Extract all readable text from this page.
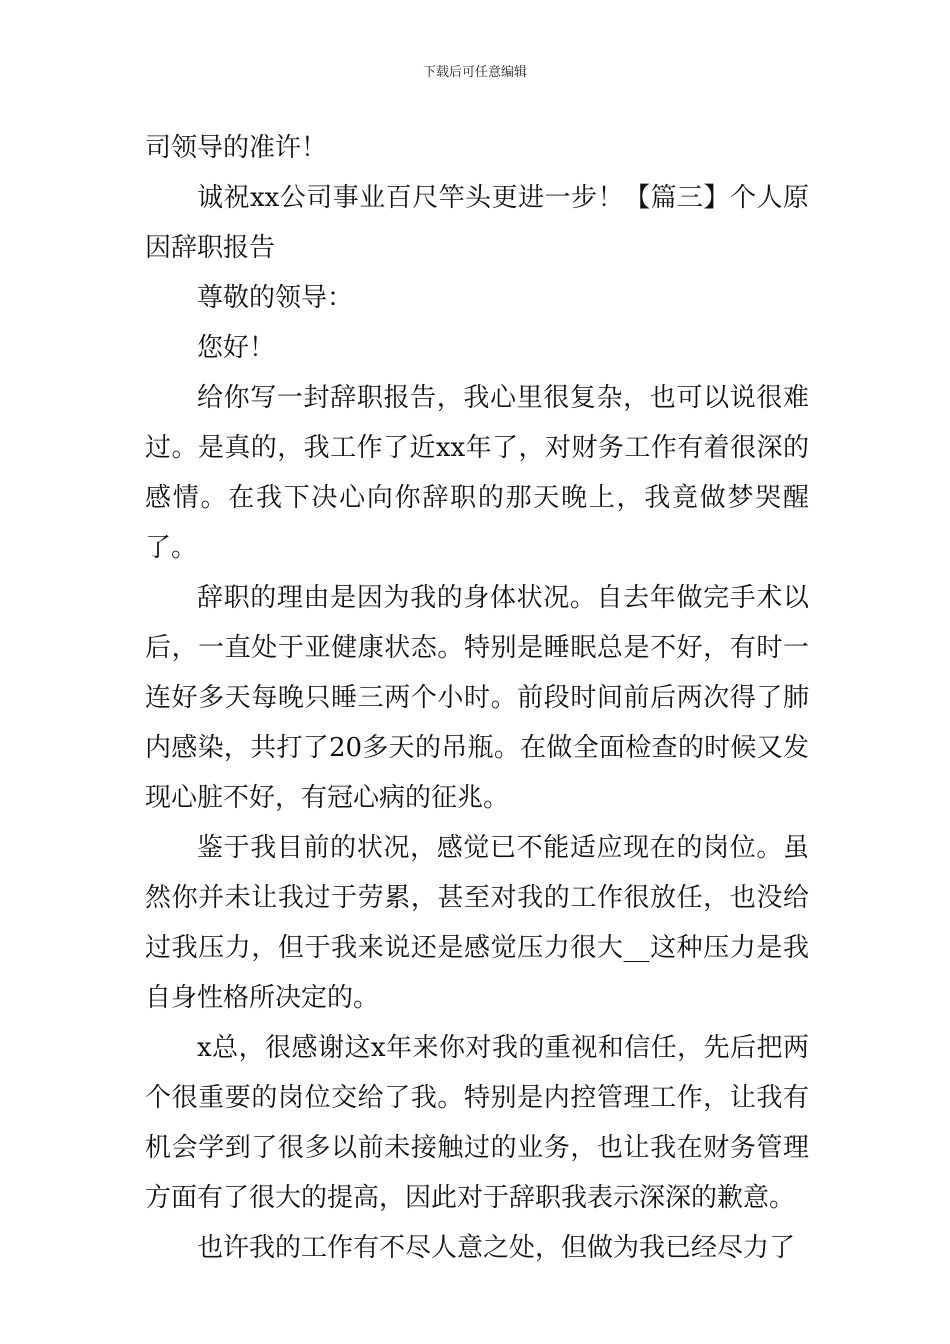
下载后可任意编辑

司领导的准许！

诚祝xx公司事业百尺竿头更进一步！【篇三】个人原因辞职报告

尊敬的领导：

您好！

给你写一封辞职报告，我心里很复杂，也可以说很难过。是真的，我工作了近xx年了，对财务工作有着很深的感情。在我下决心向你辞职的那天晚上，我竟做梦哭醒了。

辞职的理由是因为我的身体状况。自去年做完手术以后，一直处于亚健康状态。特别是睡眠总是不好，有时一连好多天每晚只睡三两个小时。前段时间前后两次得了肺内感染，共打了20多天的吊瓶。在做全面检查的时候又发现心脏不好，有冠心病的征兆。

鉴于我目前的状况，感觉已不能适应现在的岗位。虽然你并未让我过于劳累，甚至对我的工作很放任，也没给过我压力，但于我来说还是感觉压力很大__这种压力是我自身性格所决定的。

x总，很感谢这x年来你对我的重视和信任，先后把两个很重要的岗位交给了我。特别是内控管理工作，让我有机会学到了很多以前未接触过的业务，也让我在财务管理方面有了很大的提高，因此对于辞职我表示深深的歉意。

也许我的工作有不尽人意之处，但做为我已经尽力了
